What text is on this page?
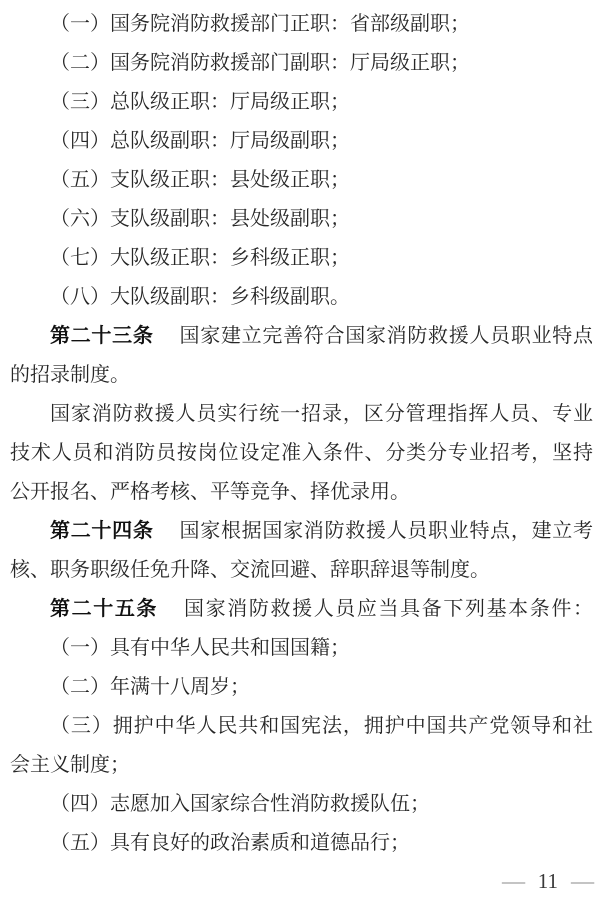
（一）国务院消防救援部门正职：省部级副职；
（二）国务院消防救援部门副职：厅局级正职；
（三）总队级正职：厅局级正职；
（四）总队级副职：厅局级副职；
（五）支队级正职：县处级正职；
（六）支队级副职：县处级副职；
（七）大队级正职：乡科级正职；
（八）大队级副职：乡科级副职。
第二十三条 国家建立完善符合国家消防救援人员职业特点
的招录制度。
国家消防救援人员实行统一招录，区分管理指挥人员、专业
技术人员和消防员按岗位设定准入条件、分类分专业招考，坚持
公开报名、严格考核、平等竞争、择优录用。
第二十四条 国家根据国家消防救援人员职业特点，建立考
核、职务职级任免升降、交流回避、辞职辞退等制度。
第二十五条 国家消防救援人员应当具备下列基本条件：
（一）具有中华人民共和国国籍；
（二）年满十八周岁；
（三）拥护中华人民共和国宪法，拥护中国共产党领导和社
会主义制度；
（四）志愿加入国家综合性消防救援队伍；
（五）具有良好的政治素质和道德品行；
— 11 —
